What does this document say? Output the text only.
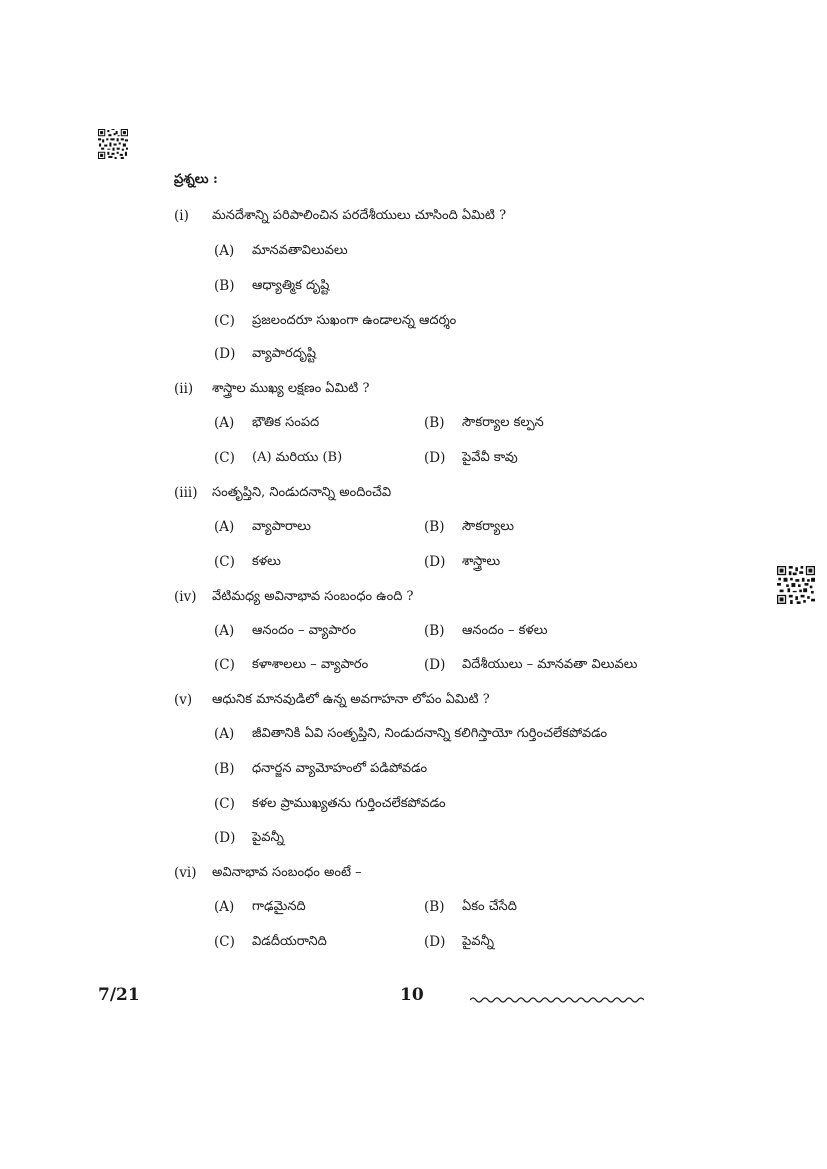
ప్రశ్నలు :
(i) మనదేశాన్ని పరిపాలించిన పరదేశీయులు చూసింది ఏమిటి ?
(A) మానవతావిలువలు
(B) ఆధ్యాత్మిక దృష్టి
(C) ప్రజలందరూ సుఖంగా ఉండాలన్న ఆదర్శం
(D) వ్యాపారదృష్టి
(ii) శాస్త్రాల ముఖ్య లక్షణం ఏమిటి ?
(A) భౌతిక సంపద	(B) సౌకర్యాల కల్పన
(C) (A) మరియు (B)	(D) పైవేవీ కావు
(iii) సంతృప్తిని, నిండుదనాన్ని అందించేవి
(A) వ్యాపారాలు	(B) సౌకర్యాలు
(C) కళలు	(D) శాస్త్రాలు
(iv) వేటిమధ్య అవినాభావ సంబంధం ఉంది ?
(A) ఆనందం – వ్యాపారం	(B) ఆనందం – కళలు
(C) కళాశాలలు – వ్యాపారం	(D) విదేశీయులు – మానవతా విలువలు
(v) ఆధునిక మానవుడిలో ఉన్న అవగాహనా లోపం ఏమిటి ?
(A) జీవితానికి ఏవి సంతృప్తిని, నిండుదనాన్ని కలిగిస్తాయో గుర్తించలేకపోవడం
(B) ధనార్జన వ్యామోహంలో పడిపోవడం
(C) కళల ప్రాముఖ్యతను గుర్తించలేకపోవడం
(D) పైవన్నీ
(vi) అవినాభావ సంబంధం అంటే –
(A) గాఢమైనది	(B) ఏకం చేసేది
(C) విడదీయరానిది	(D) పైవన్నీ
7/21	10
